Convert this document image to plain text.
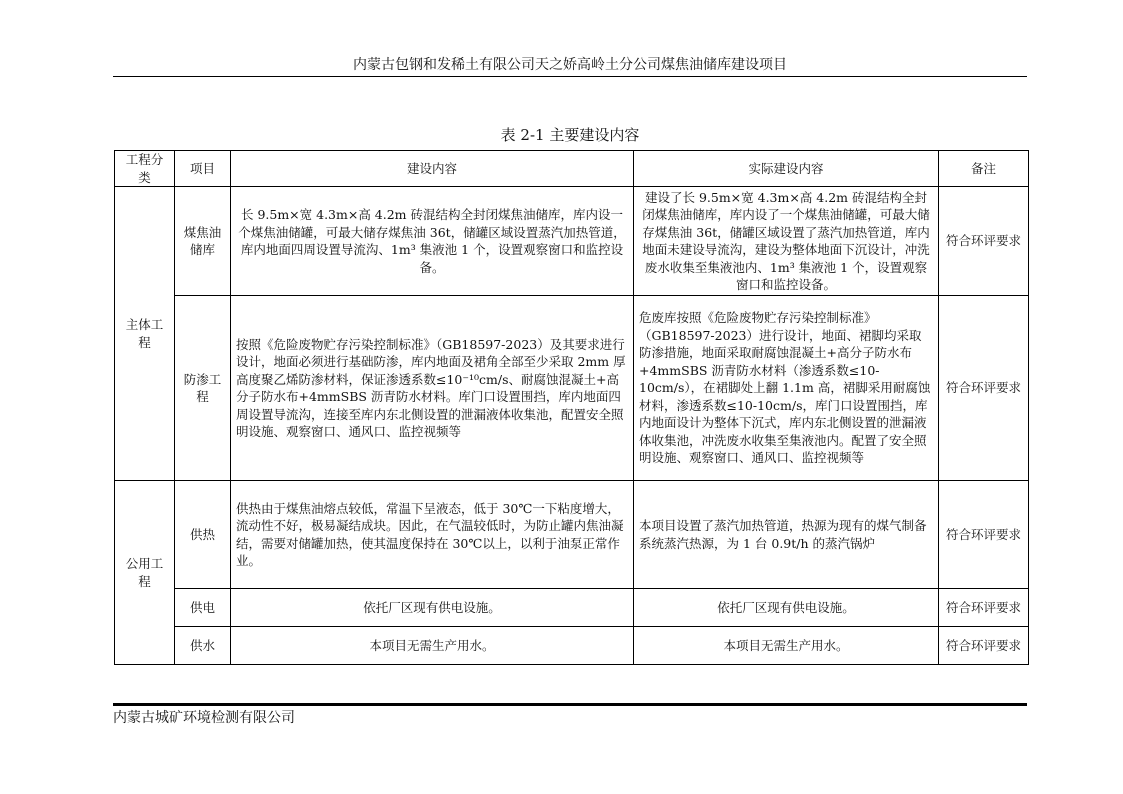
内蒙古包钢和发稀土有限公司天之娇高岭土分公司煤焦油储库建设项目
表 2-1 主要建设内容
工程分类	项目	建设内容	实际建设内容	备注
主体工程	煤焦油储库	长 9.5m×宽 4.3m×高 4.2m 砖混结构全封闭煤焦油储库，库内设一个煤焦油储罐，可最大储存煤焦油 36t，储罐区域设置蒸汽加热管道，库内地面四周设置导流沟、1m³ 集液池 1 个，设置观察窗口和监控设备。	建设了长 9.5m×宽 4.3m×高 4.2m 砖混结构全封闭煤焦油储库，库内设了一个煤焦油储罐，可最大储存煤焦油 36t，储罐区域设置了蒸汽加热管道，库内地面未建设导流沟，建设为整体地面下沉设计，冲洗废水收集至集液池内、1m³ 集液池 1 个，设置观察窗口和监控设备。	符合环评要求
	防渗工程	按照《危险废物贮存污染控制标准》（GB18597-2023）及其要求进行设计，地面必须进行基础防渗，库内地面及裙角全部至少采取 2mm 厚高度聚乙烯防渗材料，保证渗透系数≤10⁻¹⁰cm/s、耐腐蚀混凝土+高分子防水布+4mmSBS 沥青防水材料。库门口设置围挡，库内地面四周设置导流沟，连接至库内东北侧设置的泄漏液体收集池，配置安全照明设施、观察窗口、通风口、监控视频等	危废库按照《危险废物贮存污染控制标准》（GB18597-2023）进行设计，地面、裙脚均采取防渗措施，地面采取耐腐蚀混凝土+高分子防水布+4mmSBS 沥青防水材料（渗透系数≤10-10cm/s），在裙脚处上翻 1.1m 高，裙脚采用耐腐蚀材料，渗透系数≤10-10cm/s，库门口设置围挡，库内地面设计为整体下沉式，库内东北侧设置的泄漏液体收集池，冲洗废水收集至集液池内。配置了安全照明设施、观察窗口、通风口、监控视频等	符合环评要求
公用工程	供热	供热由于煤焦油熔点较低，常温下呈液态，低于 30℃一下粘度增大，流动性不好，极易凝结成块。因此，在气温较低时，为防止罐内焦油凝结，需要对储罐加热，使其温度保持在 30℃以上，以利于油泵正常作业。	本项目设置了蒸汽加热管道，热源为现有的煤气制备系统蒸汽热源，为 1 台 0.9t/h 的蒸汽锅炉	符合环评要求
	供电	依托厂区现有供电设施。	依托厂区现有供电设施。	符合环评要求
	供水	本项目无需生产用水。	本项目无需生产用水。	符合环评要求
内蒙古城矿环境检测有限公司
